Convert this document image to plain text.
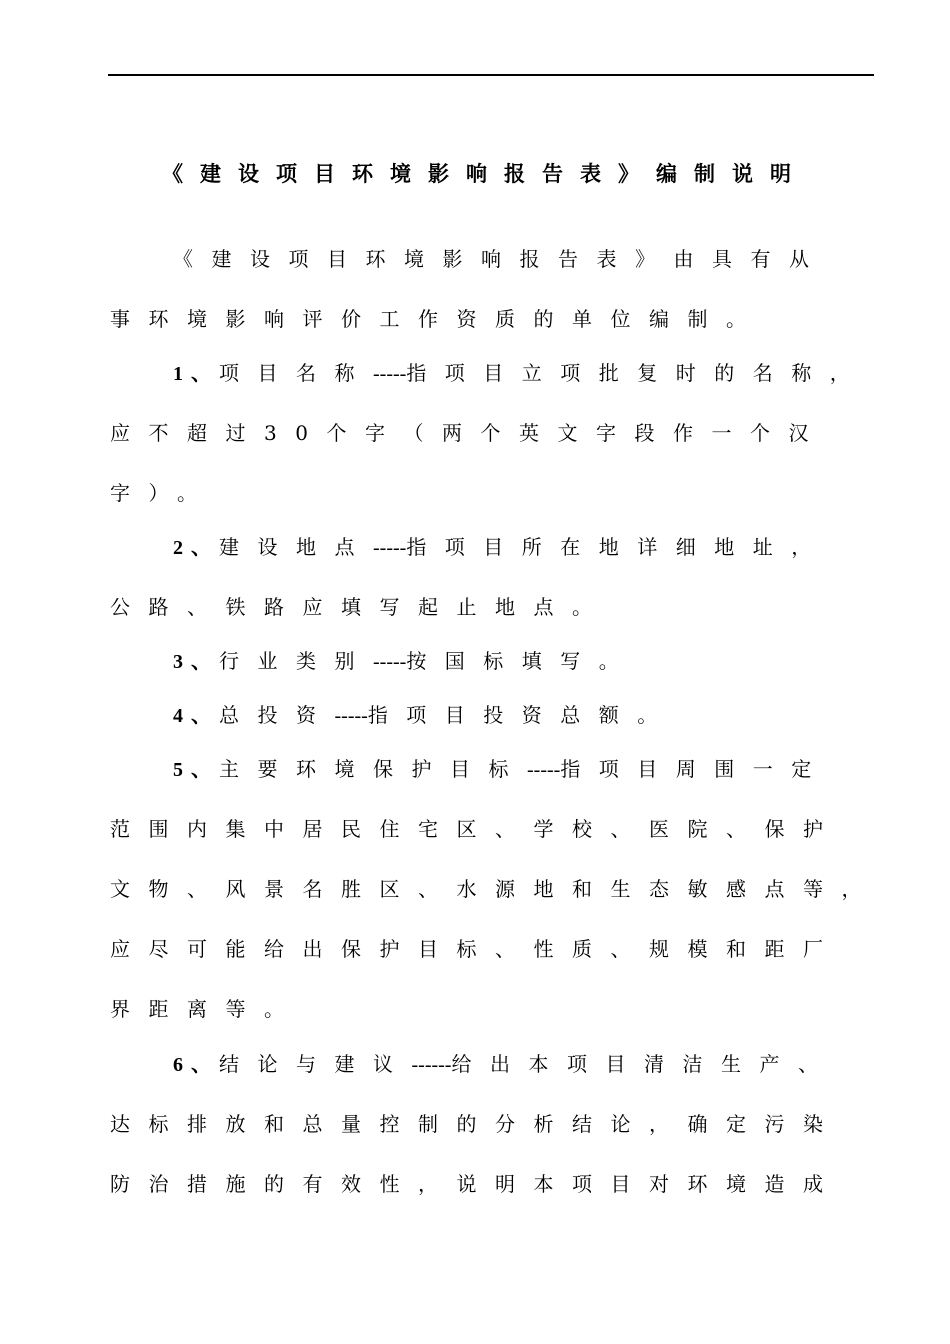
《建设项目环境影响报告表》编制说明
《建设项目环境影响报告表》由具有从
事环境影响评价工作资质的单位编制。
1、项目名称-----指项目立项批复时的名称，
应不超过30个字（两个英文字段作一个汉
字）。
2、建设地点-----指项目所在地详细地址，
公路、铁路应填写起止地点。
3、行业类别-----按国标填写。
4、总投资-----指项目投资总额。
5、主要环境保护目标-----指项目周围一定
范围内集中居民住宅区、学校、医院、保护
文物、风景名胜区、水源地和生态敏感点等，
应尽可能给出保护目标、性质、规模和距厂
界距离等。
6、结论与建议------给出本项目清洁生产、
达标排放和总量控制的分析结论，确定污染
防治措施的有效性，说明本项目对环境造成
